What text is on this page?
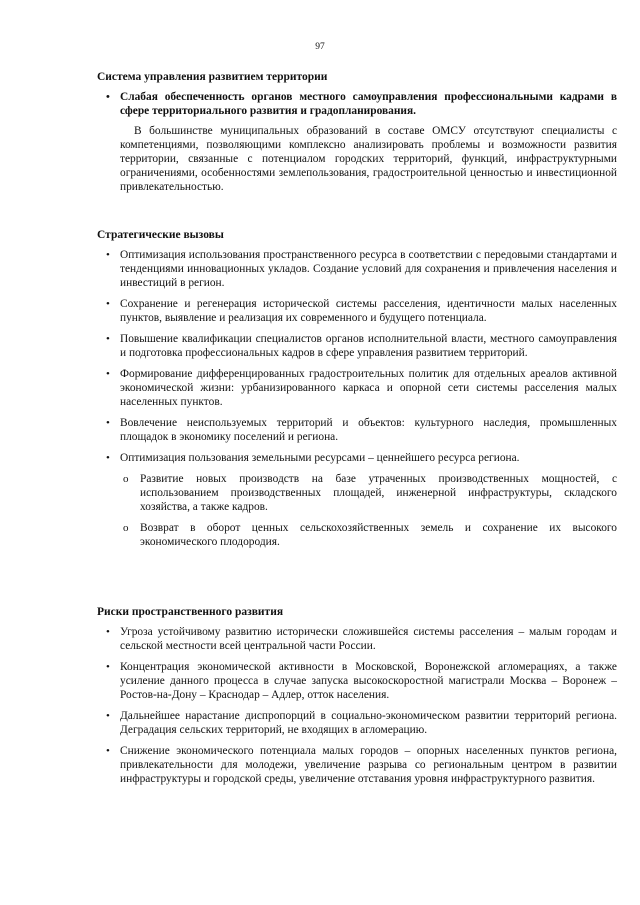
97

Система управления развитием территории

• Слабая обеспеченность органов местного самоуправления профессиональными кадрами в сфере территориального развития и градопланирования.

В большинстве муниципальных образований в составе ОМСУ отсутствуют специалисты с компетенциями, позволяющими комплексно анализировать проблемы и возможности развития территории, связанные с потенциалом городских территорий, функций, инфраструктурными ограничениями, особенностями землепользования, градостроительной ценностью и инвестиционной привлекательностью.

Стратегические вызовы

• Оптимизация использования пространственного ресурса в соответствии с передовыми стандартами и тенденциями инновационных укладов. Создание условий для сохранения и привлечения населения и инвестиций в регион.
• Сохранение и регенерация исторической системы расселения, идентичности малых населенных пунктов, выявление и реализация их современного и будущего потенциала.
• Повышение квалификации специалистов органов исполнительной власти, местного самоуправления и подготовка профессиональных кадров в сфере управления развитием территорий.
• Формирование дифференцированных градостроительных политик для отдельных ареалов активной экономической жизни: урбанизированного каркаса и опорной сети системы расселения малых населенных пунктов.
• Вовлечение неиспользуемых территорий и объектов: культурного наследия, промышленных площадок в экономику поселений и региона.
• Оптимизация пользования земельными ресурсами – ценнейшего ресурса региона.
o Развитие новых производств на базе утраченных производственных мощностей, с использованием производственных площадей, инженерной инфраструктуры, складского хозяйства, а также кадров.
o Возврат в оборот ценных сельскохозяйственных земель и сохранение их высокого экономического плодородия.

Риски пространственного развития

• Угроза устойчивому развитию исторически сложившейся системы расселения – малым городам и сельской местности всей центральной части России.
• Концентрация экономической активности в Московской, Воронежской агломерациях, а также усиление данного процесса в случае запуска высокоскоростной магистрали Москва – Воронеж – Ростов-на-Дону – Краснодар – Адлер, отток населения.
• Дальнейшее нарастание диспропорций в социально-экономическом развитии территорий региона. Деградация сельских территорий, не входящих в агломерацию.
• Снижение экономического потенциала малых городов – опорных населенных пунктов региона, привлекательности для молодежи, увеличение разрыва со региональным центром в развитии инфраструктуры и городской среды, увеличение отставания уровня инфраструктурного развития.
